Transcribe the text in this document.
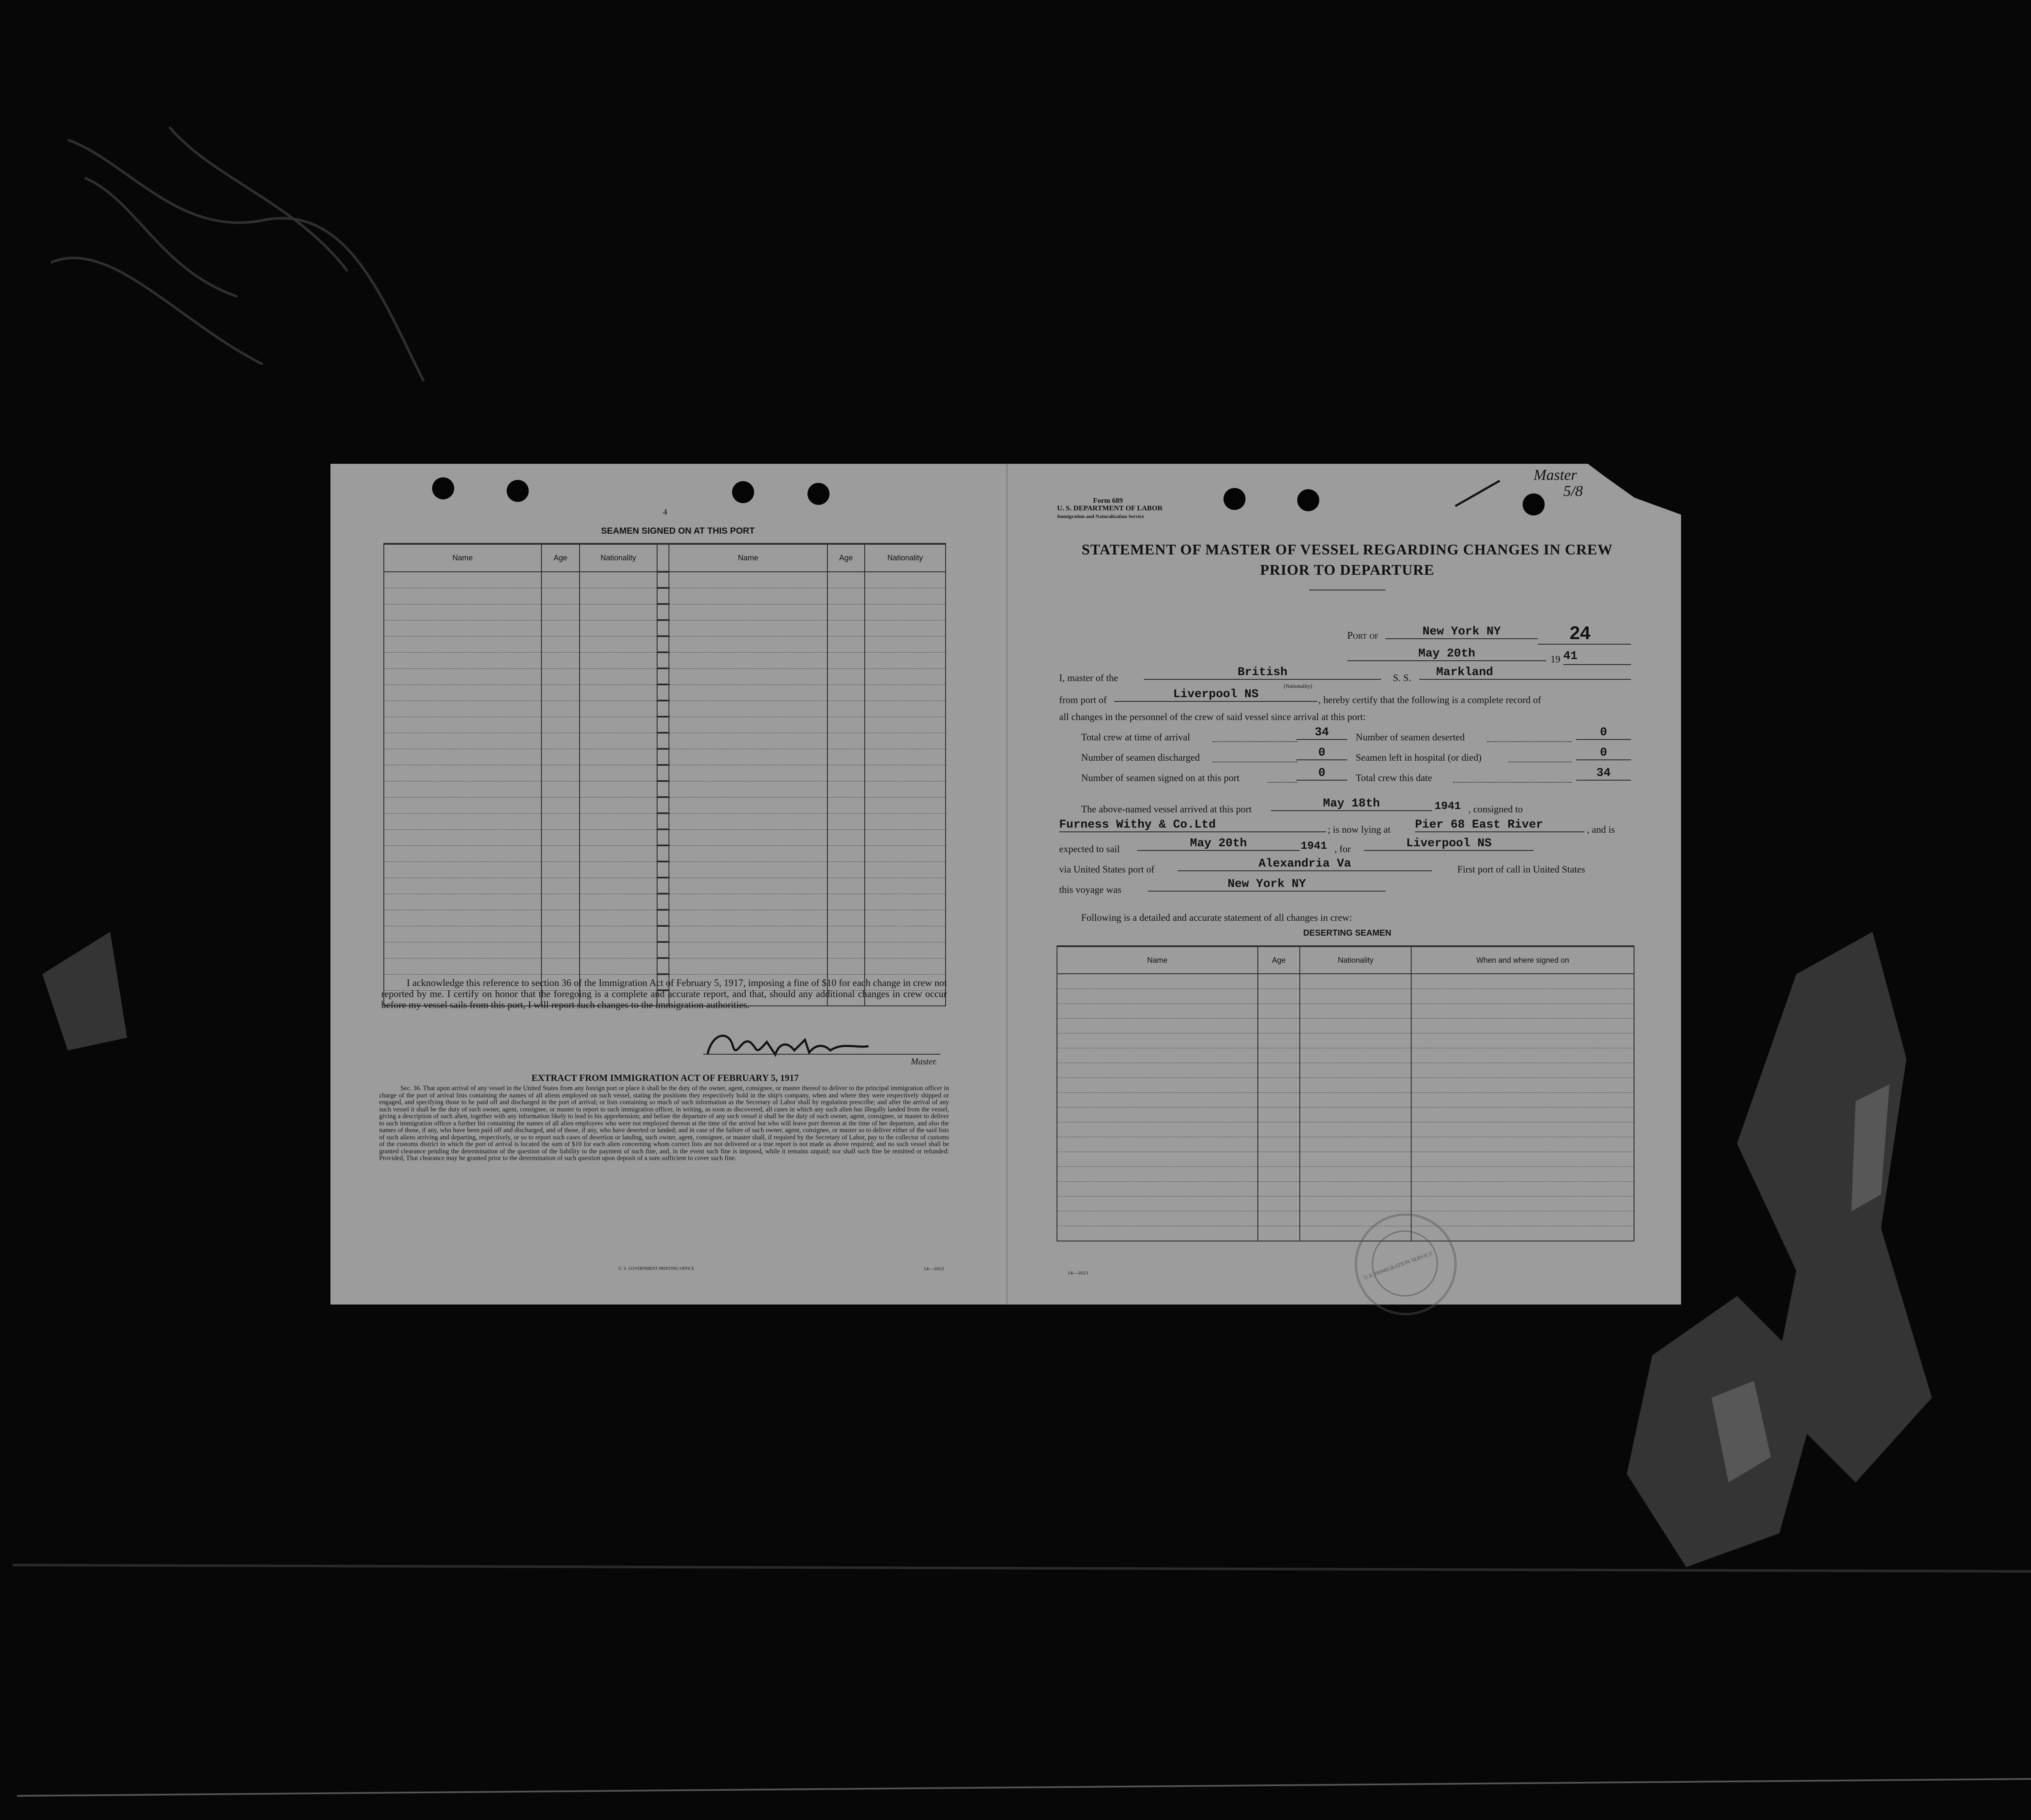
4
SEAMEN SIGNED ON AT THIS PORT
Name	Age	Nationality		Name	Age	Nationality

I acknowledge this reference to section 36 of the Immigration Act of February 5, 1917, imposing a fine of $10 for each change in crew not reported by me. I certify on honor that the foregoing is a complete and accurate report, and that, should any additional changes in crew occur before my vessel sails from this port, I will report such changes to the immigration authorities.
Master.
EXTRACT FROM IMMIGRATION ACT OF FEBRUARY 5, 1917
Sec. 36. That upon arrival of any vessel in the United States from any foreign port or place it shall be the duty of the owner, agent, consignee, or master thereof to deliver to the principal immigration officer in charge of the port of arrival lists containing the names of all aliens employed on such vessel, stating the positions they respectively hold in the ship's company, when and where they were respectively shipped or engaged, and specifying those to be paid off and discharged in the port of arrival; or lists containing so much of such information as the Secretary of Labor shall by regulation prescribe; and after the arrival of any such vessel it shall be the duty of such owner, agent, consignee, or master to report to such immigration officer, in writing, as soon as discovered, all cases in which any such alien has illegally landed from the vessel, giving a description of such alien, together with any information likely to lead to his apprehension; and before the departure of any such vessel it shall be the duty of such owner, agent, consignee, or master to deliver to such immigration officer a further list containing the names of all alien employees who were not employed thereon at the time of the arrival but who will leave port thereon at the time of her departure, and also the names of those, if any, who have been paid off and discharged, and of those, if any, who have deserted or landed; and in case of the failure of such owner, agent, consignee, or master so to deliver either of the said lists of such aliens arriving and departing, respectively, or so to report such cases of desertion or landing, such owner, agent, consignee, or master shall, if required by the Secretary of Labor, pay to the collector of customs of the customs district in which the port of arrival is located the sum of $10 for each alien concerning whom correct lists are not delivered or a true report is not made as above required; and no such vessel shall be granted clearance pending the determination of the question of the liability to the payment of such fine, and, in the event such fine is imposed, while it remains unpaid; nor shall such fine be remitted or refunded: Provided, That clearance may be granted prior to the determination of such question upon deposit of a sum sufficient to cover such fine.
U. S. GOVERNMENT PRINTING OFFICE	14—1613
Form 689
U. S. DEPARTMENT OF LABOR
Immigration and Naturalization Service
Master
5/8
STATEMENT OF MASTER OF VESSEL REGARDING CHANGES IN CREW
PRIOR TO DEPARTURE
Port of	New York NY	24
May 20th	19 41
I, master of the	British
(Nationality)
S. S.	Markland
from port of	Liverpool NS	, hereby certify that the following is a complete record of
all changes in the personnel of the crew of said vessel since arrival at this port:
Total crew at time of arrival	34	Number of seamen deserted	0
Number of seamen discharged	0	Seamen left in hospital (or died)	0
Number of seamen signed on at this port	0	Total crew this date	34
The above-named vessel arrived at this port	May 18th	1941 , consigned to
Furness Withy & Co.Ltd	; is now lying at Pier 68 East River	, and is
expected to sail	May 20th	1941 , for	Liverpool NS
via United States port of	Alexandria Va	First port of call in United States
this voyage was	New York NY
Following is a detailed and accurate statement of all changes in crew:
DESERTING SEAMEN
Name	Age	Nationality	When and where signed on

U.S. IMMIGRATION SERVICE
14—1613
